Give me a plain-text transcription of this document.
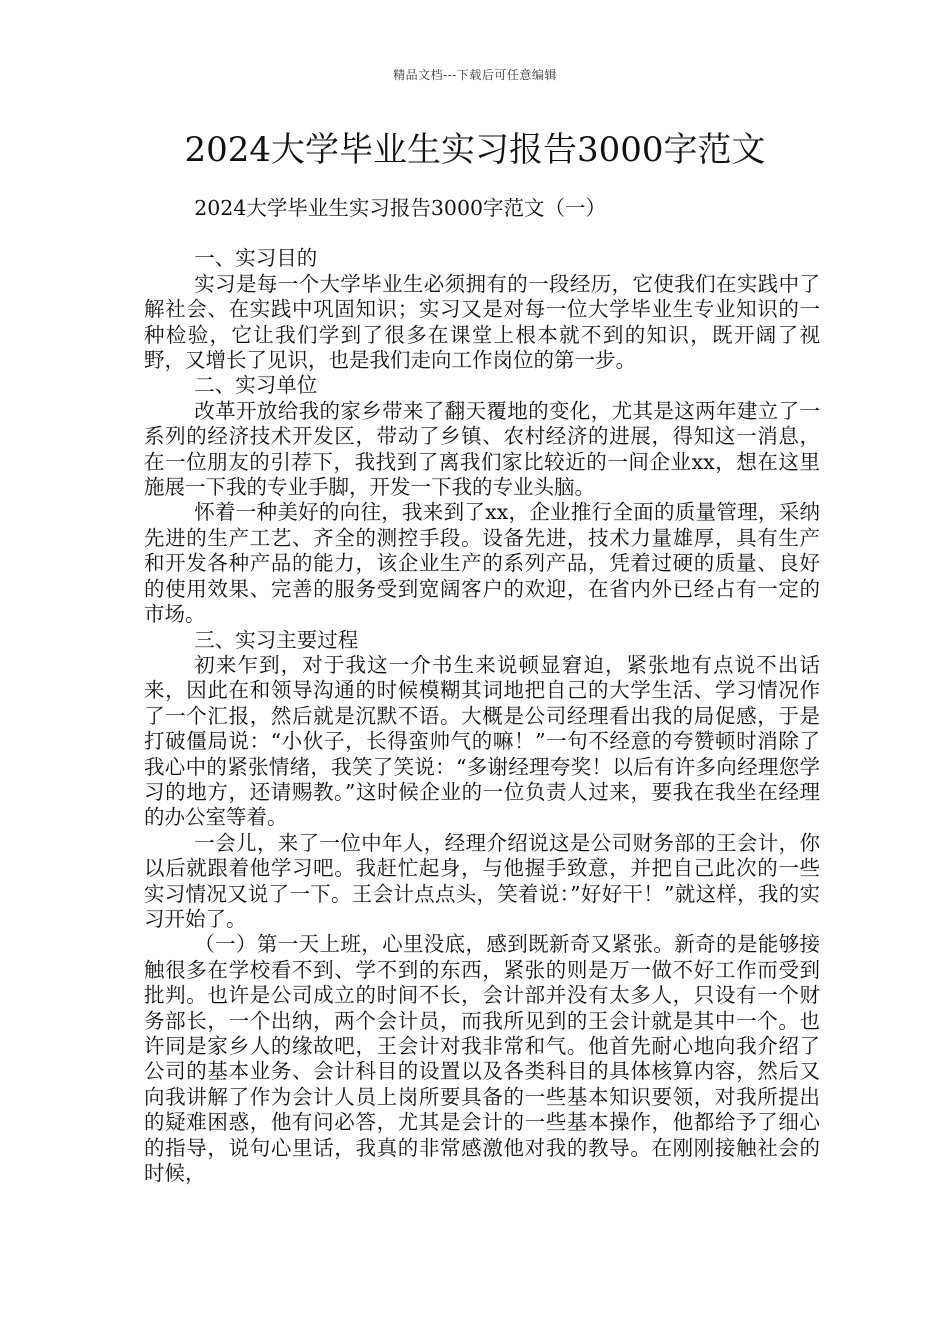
精品文档---下载后可任意编辑
2024大学毕业生实习报告3000字范文

2024大学毕业生实习报告3000字范文（一）

一、实习目的

实习是每一个大学毕业生必须拥有的一段经历，它使我们在实践中了解社会、在实践中巩固知识；实习又是对每一位大学毕业生专业知识的一种检验，它让我们学到了很多在课堂上根本就不到的知识，既开阔了视野，又增长了见识，也是我们走向工作岗位的第一步。

二、实习单位

改革开放给我的家乡带来了翻天覆地的变化，尤其是这两年建立了一系列的经济技术开发区，带动了乡镇、农村经济的进展，得知这一消息，在一位朋友的引荐下，我找到了离我们家比较近的一间企业xx，想在这里施展一下我的专业手脚，开发一下我的专业头脑。

怀着一种美好的向往，我来到了xx，企业推行全面的质量管理，采纳先进的生产工艺、齐全的测控手段。设备先进，技术力量雄厚，具有生产和开发各种产品的能力，该企业生产的系列产品，凭着过硬的质量、良好的使用效果、完善的服务受到宽阔客户的欢迎，在省内外已经占有一定的市场。

三、实习主要过程

初来乍到，对于我这一介书生来说顿显窘迫，紧张地有点说不出话来，因此在和领导沟通的时候模糊其词地把自己的大学生活、学习情况作了一个汇报，然后就是沉默不语。大概是公司经理看出我的局促感，于是打破僵局说：“小伙子，长得蛮帅气的嘛！”一句不经意的夸赞顿时消除了我心中的紧张情绪，我笑了笑说：“多谢经理夸奖！以后有许多向经理您学习的地方，还请赐教。”这时候企业的一位负责人过来，要我在我坐在经理的办公室等着。

一会儿，来了一位中年人，经理介绍说这是公司财务部的王会计，你以后就跟着他学习吧。我赶忙起身，与他握手致意，并把自己此次的一些实习情况又说了一下。王会计点点头，笑着说：”好好干！”就这样，我的实习开始了。

（一）第一天上班，心里没底，感到既新奇又紧张。新奇的是能够接触很多在学校看不到、学不到的东西，紧张的则是万一做不好工作而受到批判。也许是公司成立的时间不长，会计部并没有太多人，只设有一个财务部长，一个出纳，两个会计员，而我所见到的王会计就是其中一个。也许同是家乡人的缘故吧，王会计对我非常和气。他首先耐心地向我介绍了公司的基本业务、会计科目的设置以及各类科目的具体核算内容，然后又向我讲解了作为会计人员上岗所要具备的一些基本知识要领，对我所提出的疑难困惑，他有问必答，尤其是会计的一些基本操作，他都给予了细心的指导，说句心里话，我真的非常感激他对我的教导。在刚刚接触社会的时候，
